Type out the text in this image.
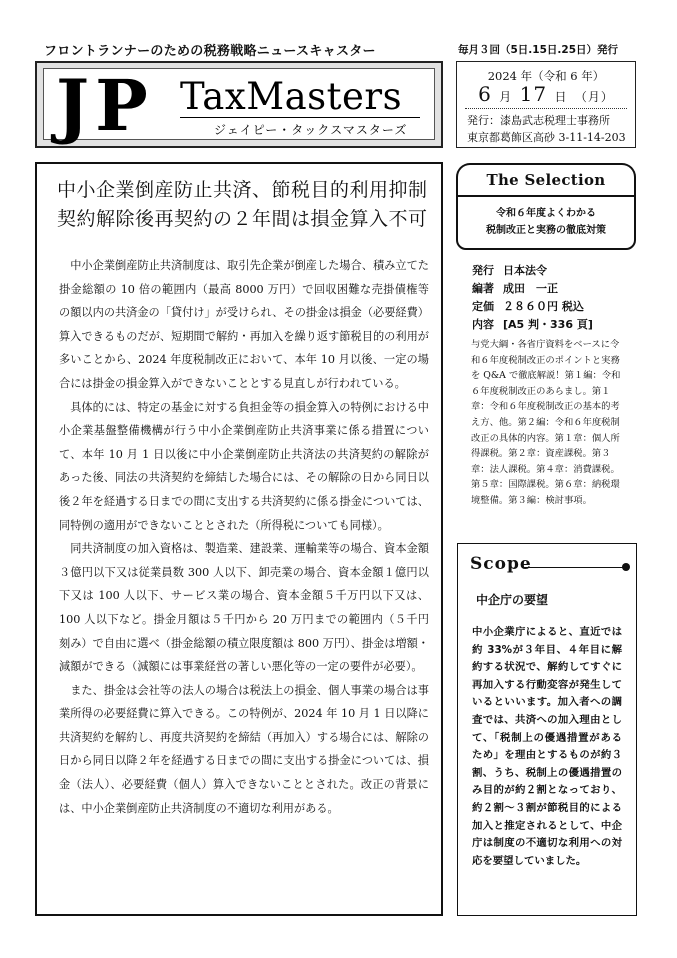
フロントランナーのための税務戦略ニュースキャスター	毎月３回（5日.15日.25日）発行
JP TaxMasters
ジェイピー・タックスマスターズ
2024 年（令和 6 年）
6 月 17 日 （月）
発行：漆島武志税理士事務所
東京都葛飾区高砂 3-11-14-203
中小企業倒産防止共済、節税目的利用抑制
契約解除後再契約の２年間は損金算入不可

中小企業倒産防止共済制度は、取引先企業が倒産した場合、積み立てた掛金総額の 10 倍の範囲内（最高 8000 万円）で回収困難な売掛債権等の額以内の共済金の「貸付け」が受けられ、その掛金は損金（必要経費）算入できるものだが、短期間で解約・再加入を繰り返す節税目的の利用が多いことから、2024 年度税制改正において、本年 10 月以後、一定の場合には掛金の損金算入ができないこととする見直しが行われている。

具体的には、特定の基金に対する負担金等の損金算入の特例における中小企業基盤整備機構が行う中小企業倒産防止共済事業に係る措置について、本年 10 月 1 日以後に中小企業倒産防止共済法の共済契約の解除があった後、同法の共済契約を締結した場合には、その解除の日から同日以後２年を経過する日までの間に支出する共済契約に係る掛金については、同特例の適用ができないこととされた（所得税についても同様）。

同共済制度の加入資格は、製造業、建設業、運輸業等の場合、資本金額３億円以下又は従業員数 300 人以下、卸売業の場合、資本金額１億円以下又は 100 人以下、サービス業の場合、資本金額５千万円以下又は、100 人以下など。掛金月額は５千円から 20 万円までの範囲内（５千円刻み）で自由に選べ（掛金総額の積立限度額は 800 万円）、掛金は増額・減額ができる（減額には事業経営の著しい悪化等の一定の要件が必要）。

また、掛金は会社等の法人の場合は税法上の損金、個人事業の場合は事業所得の必要経費に算入できる。この特例が、2024 年 10 月 1 日以降に共済契約を解約し、再度共済契約を締結（再加入）する場合には、解除の日から同日以降２年を経過する日までの間に支出する掛金については、損金（法人）、必要経費（個人）算入できないこととされた。改正の背景には、中小企業倒産防止共済制度の不適切な利用がある。

The Selection
令和６年度よくわかる
税制改正と実務の徹底対策
発行 日本法令
編著 成田　一正
定価 ２８６０円 税込
内容 [A5 判・336 頁]
与党大綱・各省庁資料をベースに令和６年度税制改正のポイントと実務を Q&A で徹底解説！第１編：令和６年度税制改正のあらまし。第１章：令和６年度税制改正の基本的考え方、他。第２編：令和６年度税制改正の具体的内容。第１章：個人所得課税。第２章：資産課税。第３章：法人課税。第４章：消費課税。第５章：国際課税。第６章：納税環境整備。第３編：検討事項。
Scope
中企庁の要望
中小企業庁によると、直近では約 33%が３年目、４年目に解約する状況で、解約してすぐに再加入する行動変容が発生しているといいます。加入者への調査では、共済への加入理由として、「税制上の優遇措置があるため」を理由とするものが約３割、うち、税制上の優遇措置のみ目的が約２割となっており、約２割～３割が節税目的による加入と推定されるとして、中企庁は制度の不適切な利用への対応を要望していました。
